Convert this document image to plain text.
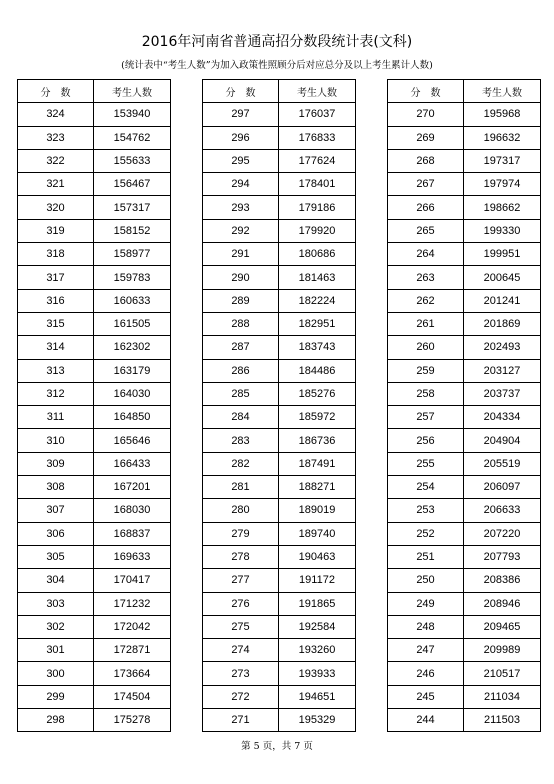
2016年河南省普通高招分数段统计表(文科)
(统计表中“考生人数”为加入政策性照顾分后对应总分及以上考生累计人数)
分　数	考生人数
324	153940
323	154762
322	155633
321	156467
320	157317
319	158152
318	158977
317	159783
316	160633
315	161505
314	162302
313	163179
312	164030
311	164850
310	165646
309	166433
308	167201
307	168030
306	168837
305	169633
304	170417
303	171232
302	172042
301	172871
300	173664
299	174504
298	175278
分　数	考生人数
297	176037
296	176833
295	177624
294	178401
293	179186
292	179920
291	180686
290	181463
289	182224
288	182951
287	183743
286	184486
285	185276
284	185972
283	186736
282	187491
281	188271
280	189019
279	189740
278	190463
277	191172
276	191865
275	192584
274	193260
273	193933
272	194651
271	195329
分　数	考生人数
270	195968
269	196632
268	197317
267	197974
266	198662
265	199330
264	199951
263	200645
262	201241
261	201869
260	202493
259	203127
258	203737
257	204334
256	204904
255	205519
254	206097
253	206633
252	207220
251	207793
250	208386
249	208946
248	209465
247	209989
246	210517
245	211034
244	211503
第 5 页，共 7 页
